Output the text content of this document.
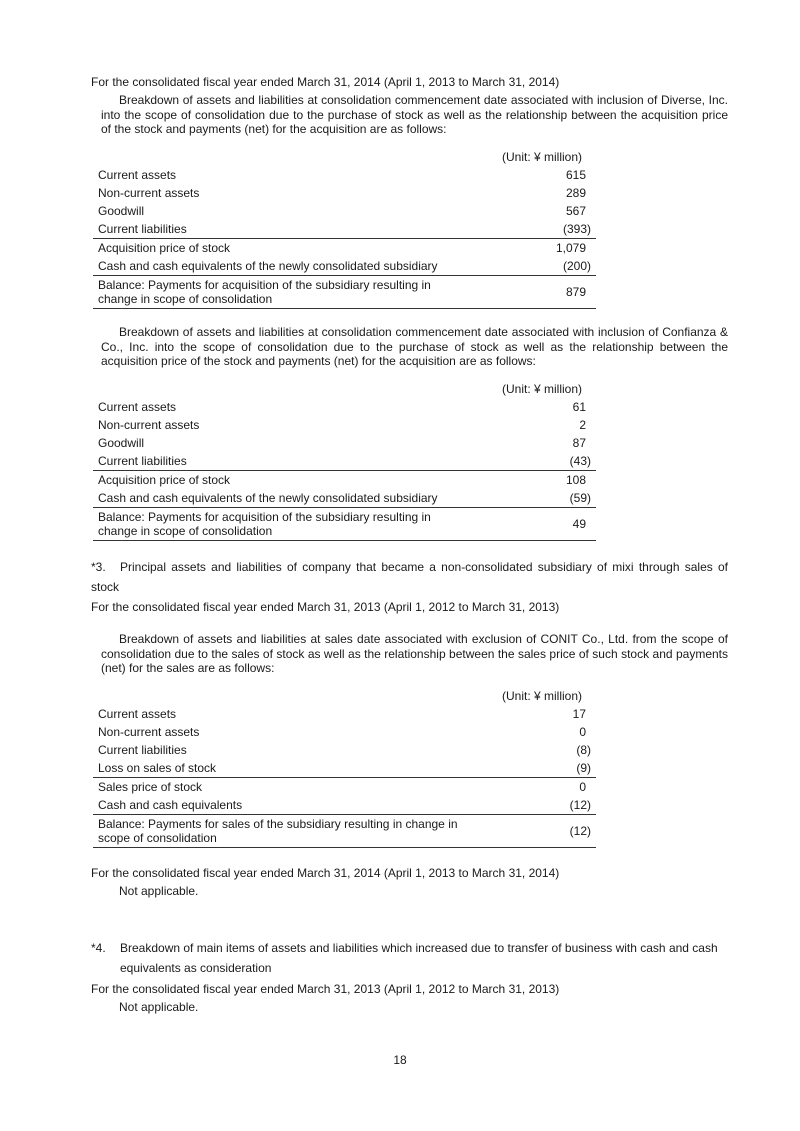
For the consolidated fiscal year ended March 31, 2014 (April 1, 2013 to March 31, 2014)
Breakdown of assets and liabilities at consolidation commencement date associated with inclusion of Diverse, Inc. into the scope of consolidation due to the purchase of stock as well as the relationship between the acquisition price of the stock and payments (net) for the acquisition are as follows:
(Unit: ¥ million)
Current assets	615
Non-current assets	289
Goodwill	567
Current liabilities	(393)
Acquisition price of stock	1,079
Cash and cash equivalents of the newly consolidated subsidiary	(200)
Balance: Payments for acquisition of the subsidiary resulting in
change in scope of consolidation	879
Breakdown of assets and liabilities at consolidation commencement date associated with inclusion of Confianza & Co., Inc. into the scope of consolidation due to the purchase of stock as well as the relationship between the acquisition price of the stock and payments (net) for the acquisition are as follows:
(Unit: ¥ million)
Current assets	61
Non-current assets	2
Goodwill	87
Current liabilities	(43)
Acquisition price of stock	108
Cash and cash equivalents of the newly consolidated subsidiary	(59)
Balance: Payments for acquisition of the subsidiary resulting in
change in scope of consolidation	49
*3. Principal assets and liabilities of company that became a non-consolidated subsidiary of mixi through sales of stock
For the consolidated fiscal year ended March 31, 2013 (April 1, 2012 to March 31, 2013)
Breakdown of assets and liabilities at sales date associated with exclusion of CONIT Co., Ltd. from the scope of consolidation due to the sales of stock as well as the relationship between the sales price of such stock and payments (net) for the sales are as follows:
(Unit: ¥ million)
Current assets	17
Non-current assets	0
Current liabilities	(8)
Loss on sales of stock	(9)
Sales price of stock	0
Cash and cash equivalents	(12)
Balance: Payments for sales of the subsidiary resulting in change in
scope of consolidation	(12)
For the consolidated fiscal year ended March 31, 2014 (April 1, 2013 to March 31, 2014)
Not applicable.
*4. Breakdown of main items of assets and liabilities which increased due to transfer of business with cash and cash equivalents as consideration
For the consolidated fiscal year ended March 31, 2013 (April 1, 2012 to March 31, 2013)
Not applicable.
18
